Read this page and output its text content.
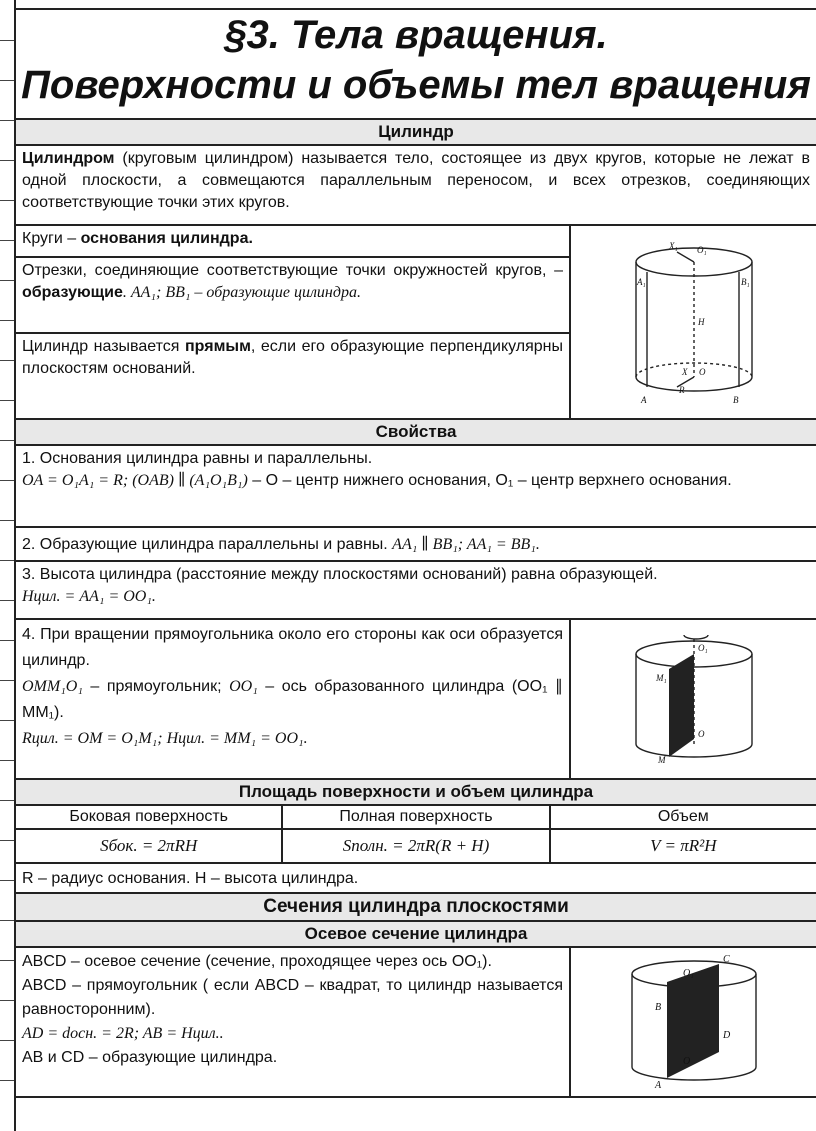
§3. Тела вращения.
Поверхности и объемы тел вращения
Цилиндр
Цилиндром (круговым цилиндром) называется тело, состоящее из двух кругов, которые не лежат в одной плоскости, а совмещаются параллельным переносом, и всех отрезков, соединяющих соответствующие точки этих кругов.
Круги – основания цилиндра.
Отрезки, соединяющие соответствующие точки окружностей кругов, – образующие. AA₁; BB₁ – образующие цилиндра.
Цилиндр называется прямым, если его образующие перпендикулярны плоскостям оснований.
X₁ O₁
A₁	B₁
H
X O
R
A	B
Свойства
1. Основания цилиндра равны и параллельны.
OA = O₁A₁ = R; (OAB) ∥ (A₁O₁B₁) – O – центр нижнего основания, O₁ – центр верхнего основания.
2. Образующие цилиндра параллельны и равны. AA₁ ∥ BB₁; AA₁ = BB₁.
3. Высота цилиндра (расстояние между плоскостями оснований) равна образующей.
Hцил. = AA₁ = OO₁.
4. При вращении прямоугольника около его стороны как оси образуется цилиндр.
OMM₁O₁ – прямоугольник; OO₁ – ось образованного цилиндра (OO₁ ∥ MM₁).
Rцил. = OM = O₁M₁; Hцил. = MM₁ = OO₁.
O₁
M₁
O
M
Площадь поверхности и объем цилиндра
Боковая поверхность
Sбок. = 2πRH
Полная поверхность
Sполн. = 2πR(R + H)
Объем
V = πR²H
R – радиус основания. H – высота цилиндра.
Сечения цилиндра плоскостями
Осевое сечение цилиндра
ABCD – осевое сечение (сечение, проходящее через ось OO₁).
ABCD – прямоугольник ( если ABCD – квадрат, то цилиндр называется равносторонним).
AD = dосн. = 2R; AB = Hцил..
AB и CD – образующие цилиндра.
C
O₁
B
D
O
A
